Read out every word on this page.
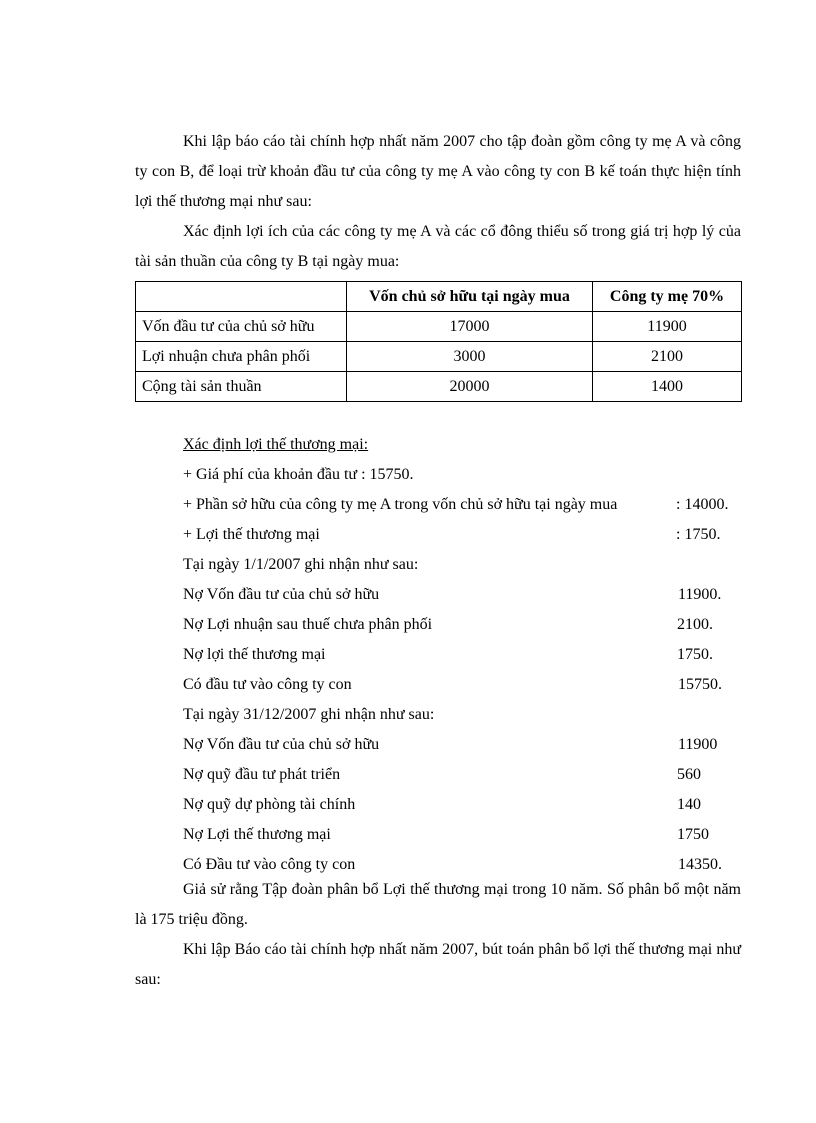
Khi lập báo cáo tài chính hợp nhất năm 2007 cho tập đoàn gồm công ty mẹ A và công ty con B, để loại trừ khoản đầu tư của công ty mẹ A vào công ty con B kế toán thực hiện tính lợi thế thương mại như sau:

Xác định lợi ích của các công ty mẹ A và các cổ đông thiểu số trong giá trị hợp lý của tài sản thuần của công ty B tại ngày mua:

	Vốn chủ sở hữu tại ngày mua	Công ty mẹ 70%
Vốn đầu tư của chủ sở hữu	17000	11900
Lợi nhuận chưa phân phối	3000	2100
Cộng tài sản thuần	20000	1400
Xác định lợi thế thương mại:
+ Giá phí của khoản đầu tư : 15750.
+ Phần sở hữu của công ty mẹ A trong vốn chủ sở hữu tại ngày mua	: 14000.
+ Lợi thế thương mại	: 1750.
Tại ngày 1/1/2007 ghi nhận như sau:
Nợ Vốn đầu tư của chủ sở hữu	11900.
Nợ Lợi nhuận sau thuế chưa phân phối	2100.
Nợ lợi thế thương mại	1750.
Có đầu tư vào công ty con	15750.
Tại ngày 31/12/2007 ghi nhận như sau:
Nợ Vốn đầu tư của chủ sở hữu	11900
Nợ quỹ đầu tư phát triển	560
Nợ quỹ dự phòng tài chính	140
Nợ Lợi thế thương mại	1750
Có Đầu tư vào công ty con	14350.

Giả sử rằng Tập đoàn phân bổ Lợi thế thương mại trong 10 năm. Số phân bổ một năm là 175 triệu đồng.

Khi lập Báo cáo tài chính hợp nhất năm 2007, bút toán phân bổ lợi thế thương mại như sau:
